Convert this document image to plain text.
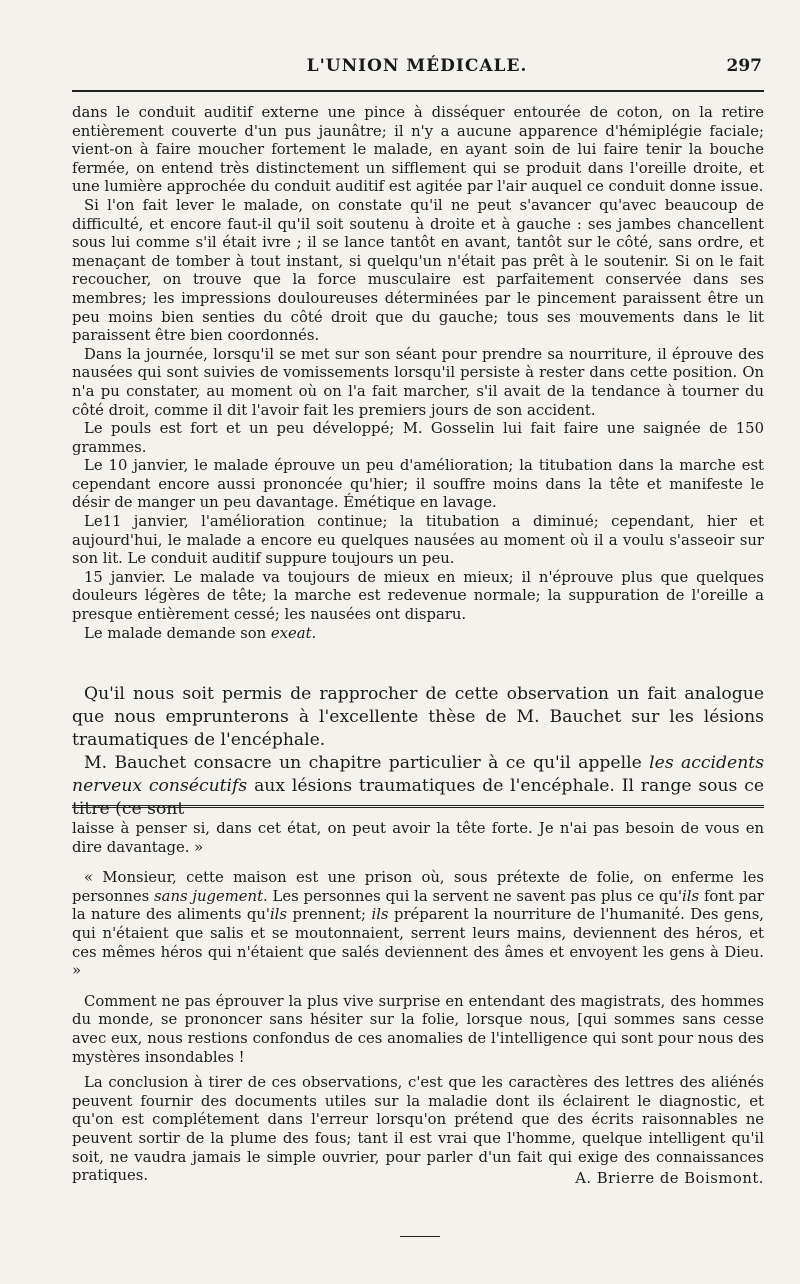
L'UNION MÉDICALE.	297

dans le conduit auditif externe une pince à disséquer entourée de coton, on la retire entièrement couverte d'un pus jaunâtre; il n'y a aucune apparence d'hémiplégie faciale; vient-on à faire moucher fortement le malade, en ayant soin de lui faire tenir la bouche fermée, on entend très distinctement un sifflement qui se produit dans l'oreille droite, et une lumière approchée du conduit auditif est agitée par l'air auquel ce conduit donne issue.

Si l'on fait lever le malade, on constate qu'il ne peut s'avancer qu'avec beaucoup de difficulté, et encore faut-il qu'il soit soutenu à droite et à gauche : ses jambes chancellent sous lui comme s'il était ivre ; il se lance tantôt en avant, tantôt sur le côté, sans ordre, et menaçant de tomber à tout instant, si quelqu'un n'était pas prêt à le soutenir. Si on le fait recoucher, on trouve que la force musculaire est parfaitement conservée dans ses membres; les impressions douloureuses déterminées par le pincement paraissent être un peu moins bien senties du côté droit que du gauche; tous ses mouvements dans le lit paraissent être bien coordonnés.

Dans la journée, lorsqu'il se met sur son séant pour prendre sa nourriture, il éprouve des nausées qui sont suivies de vomissements lorsqu'il persiste à rester dans cette position. On n'a pu constater, au moment où on l'a fait marcher, s'il avait de la tendance à tourner du côté droit, comme il dit l'avoir fait les premiers jours de son accident.

Le pouls est fort et un peu développé; M. Gosselin lui fait faire une saignée de 150 grammes.

Le 10 janvier, le malade éprouve un peu d'amélioration; la titubation dans la marche est cependant encore aussi prononcée qu'hier; il souffre moins dans la tête et manifeste le désir de manger un peu davantage. Émétique en lavage.

Le11 janvier, l'amélioration continue; la titubation a diminué; cependant, hier et aujourd'hui, le malade a encore eu quelques nausées au moment où il a voulu s'asseoir sur son lit. Le conduit auditif suppure toujours un peu.

15 janvier. Le malade va toujours de mieux en mieux; il n'éprouve plus que quelques douleurs légères de tête; la marche est redevenue normale; la suppuration de l'oreille a presque entièrement cessé; les nausées ont disparu.

Le malade demande son exeat.

Qu'il nous soit permis de rapprocher de cette observation un fait analogue que nous emprunterons à l'excellente thèse de M. Bauchet sur les lésions traumatiques de l'encéphale.

M. Bauchet consacre un chapitre particulier à ce qu'il appelle les accidents nerveux consécutifs aux lésions traumatiques de l'encéphale. Il range sous ce titre (ce sont

laisse à penser si, dans cet état, on peut avoir la tête forte. Je n'ai pas besoin de vous en dire davantage. »

« Monsieur, cette maison est une prison où, sous prétexte de folie, on enferme les personnes sans jugement. Les personnes qui la servent ne savent pas plus ce qu'ils font par la nature des aliments qu'ils prennent; ils préparent la nourriture de l'humanité. Des gens, qui n'étaient que salis et se moutonnaient, serrent leurs mains, deviennent des héros, et ces mêmes héros qui n'étaient que salés deviennent des âmes et envoyent les gens à Dieu. »

Comment ne pas éprouver la plus vive surprise en entendant des magistrats, des hommes du monde, se prononcer sans hésiter sur la folie, lorsque nous, [qui sommes sans cesse avec eux, nous restions confondus de ces anomalies de l'intelligence qui sont pour nous des mystères insondables !

La conclusion à tirer de ces observations, c'est que les caractères des lettres des aliénés peuvent fournir des documents utiles sur la maladie dont ils éclairent le diagnostic, et qu'on est complétement dans l'erreur lorsqu'on prétend que des écrits raisonnables ne peuvent sortir de la plume des fous; tant il est vrai que l'homme, quelque intelligent qu'il soit, ne vaudra jamais le simple ouvrier, pour parler d'un fait qui exige des connaissances pratiques.	A. Brierre de Boismont.
